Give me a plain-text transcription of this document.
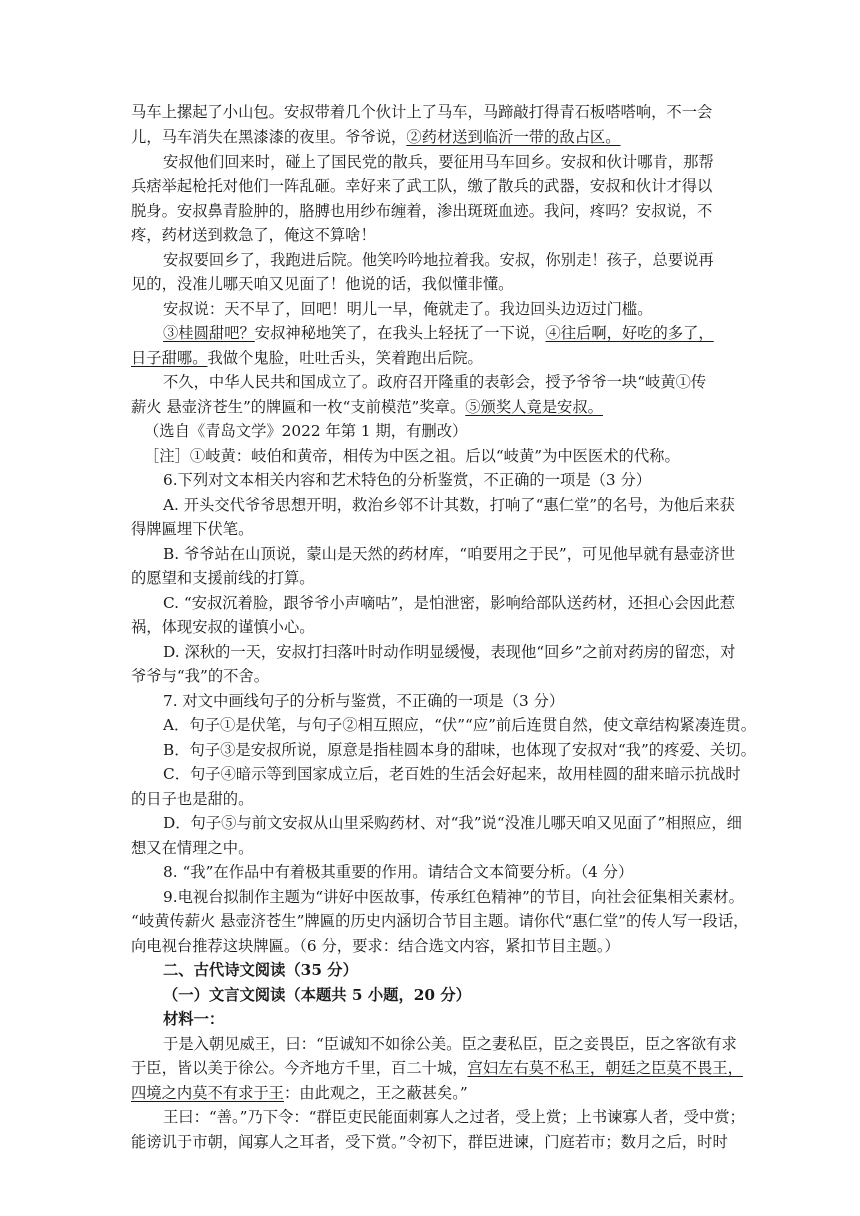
马车上摞起了小山包。安叔带着几个伙计上了马车，马蹄敲打得青石板嗒嗒响，不一会
儿，马车消失在黑漆漆的夜里。爷爷说，②药材送到临沂一带的敌占区。
安叔他们回来时，碰上了国民党的散兵，要征用马车回乡。安叔和伙计哪肯，那帮
兵痞举起枪托对他们一阵乱砸。幸好来了武工队，缴了散兵的武器，安叔和伙计才得以
脱身。安叔鼻青脸肿的，胳膊也用纱布缠着，渗出斑斑血迹。我问，疼吗？安叔说，不
疼，药材送到救急了，俺这不算啥！
安叔要回乡了，我跑进后院。他笑吟吟地拉着我。安叔，你别走！孩子，总要说再
见的，没准儿哪天咱又见面了！他说的话，我似懂非懂。
安叔说：天不早了，回吧！明儿一早，俺就走了。我边回头边迈过门槛。
③桂圆甜吧？安叔神秘地笑了，在我头上轻抚了一下说，④往后啊，好吃的多了，
日子甜哪。我做个鬼脸，吐吐舌头，笑着跑出后院。
不久，中华人民共和国成立了。政府召开隆重的表彰会，授予爷爷一块“岐黄①传
薪火 悬壶济苍生”的牌匾和一枚“支前模范”奖章。⑤颁奖人竟是安叔。
（选自《青岛文学》2022 年第 1 期，有删改）
［注］①岐黄：岐伯和黄帝，相传为中医之祖。后以“岐黄”为中医医术的代称。
6.下列对文本相关内容和艺术特色的分析鉴赏，不正确的一项是（3 分）
A. 开头交代爷爷思想开明，救治乡邻不计其数，打响了“惠仁堂”的名号，为他后来获
得牌匾埋下伏笔。
B. 爷爷站在山顶说，蒙山是天然的药材库，“咱要用之于民”，可见他早就有悬壶济世
的愿望和支援前线的打算。
C. “安叔沉着脸，跟爷爷小声嘀咕”，是怕泄密，影响给部队送药材，还担心会因此惹
祸，体现安叔的谨慎小心。
D. 深秋的一天，安叔打扫落叶时动作明显缓慢，表现他“回乡”之前对药房的留恋，对
爷爷与“我”的不舍。
7. 对文中画线句子的分析与鉴赏，不正确的一项是（3 分）
A．句子①是伏笔，与句子②相互照应，“伏”“应”前后连贯自然，使文章结构紧凑连贯。
B．句子③是安叔所说，原意是指桂圆本身的甜味，也体现了安叔对“我”的疼爱、关切。
C．句子④暗示等到国家成立后，老百姓的生活会好起来，故用桂圆的甜来暗示抗战时
的日子也是甜的。
D．句子⑤与前文安叔从山里采购药材、对“我”说“没准儿哪天咱又见面了”相照应，细
想又在情理之中。
8. “我”在作品中有着极其重要的作用。请结合文本简要分析。（4 分）
9.电视台拟制作主题为“讲好中医故事，传承红色精神”的节目，向社会征集相关素材。
“岐黄传薪火 悬壶济苍生”牌匾的历史内涵切合节目主题。请你代“惠仁堂”的传人写一段话，
向电视台推荐这块牌匾。（6 分，要求：结合选文内容，紧扣节目主题。）
二、古代诗文阅读（35 分）
（一）文言文阅读（本题共 5 小题，20 分）
材料一：
于是入朝见威王，曰：“臣诚知不如徐公美。臣之妻私臣，臣之妾畏臣，臣之客欲有求
于臣，皆以美于徐公。今齐地方千里，百二十城，宫妇左右莫不私王，朝廷之臣莫不畏王，
四境之内莫不有求于王：由此观之，王之蔽甚矣。”
王曰：“善。”乃下令：“群臣吏民能面刺寡人之过者，受上赏；上书谏寡人者，受中赏；
能谤讥于市朝，闻寡人之耳者，受下赏。”令初下，群臣进谏，门庭若市；数月之后，时时
